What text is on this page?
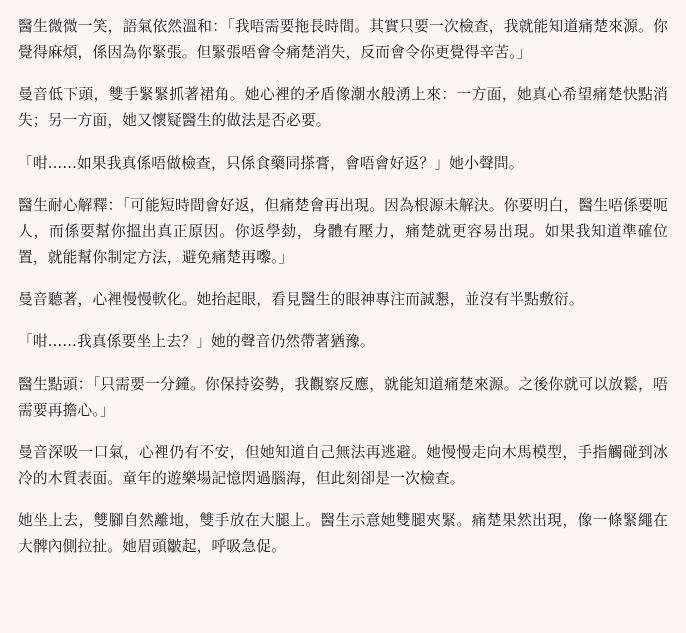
醫生微微一笑，語氣依然溫和：「我唔需要拖長時間。其實只要一次檢查，我就能知道痛楚來源。你覺得麻煩，係因為你緊張。但緊張唔會令痛楚消失，反而會令你更覺得辛苦。」

曼音低下頭，雙手緊緊抓著裙角。她心裡的矛盾像潮水般湧上來：一方面，她真心希望痛楚快點消失；另一方面，她又懷疑醫生的做法是否必要。

「咁......如果我真係唔做檢查，只係食藥同搽膏，會唔會好返？」她小聲問。

醫生耐心解釋：「可能短時間會好返，但痛楚會再出現。因為根源未解決。你要明白，醫生唔係要呃人，而係要幫你搵出真正原因。你返學勎，身體有壓力，痛楚就更容易出現。如果我知道準確位置，就能幫你制定方法，避免痛楚再嚟。」

曼音聽著，心裡慢慢軟化。她抬起眼，看見醫生的眼神專注而誠懇，並沒有半點敷衍。

「咁......我真係要坐上去？」她的聲音仍然帶著猶豫。

醫生點頭：「只需要一分鐘。你保持姿勢，我觀察反應，就能知道痛楚來源。之後你就可以放鬆，唔需要再擔心。」

曼音深吸一口氣，心裡仍有不安，但她知道自己無法再逃避。她慢慢走向木馬模型，手指觸碰到冰冷的木質表面。童年的遊樂場記憶閃過腦海，但此刻卻是一次檢查。

她坐上去，雙腳自然離地，雙手放在大腿上。醫生示意她雙腿夾緊。痛楚果然出現，像一條緊繩在大髀內側拉扯。她眉頭皺起，呼吸急促。
